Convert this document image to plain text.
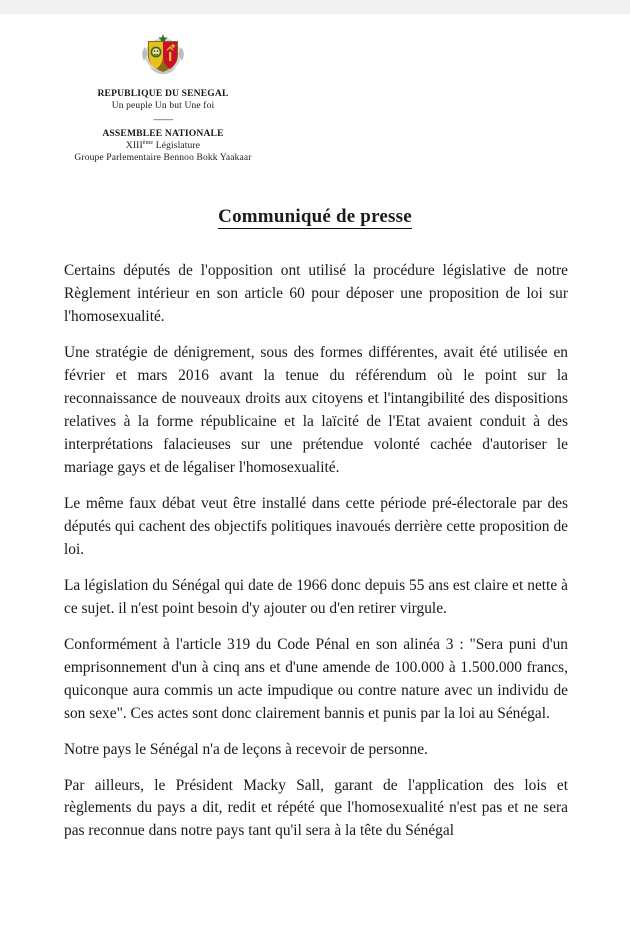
REPUBLIQUE DU SENEGAL
Un peuple Un but Une foi
---------
ASSEMBLEE NATIONALE
XIIIème Législature
Groupe Parlementaire Bennoo Bokk Yaakaar
Communiqué de presse

Certains députés de l'opposition ont utilisé la procédure législative de notre Règlement intérieur en son article 60 pour déposer une proposition de loi sur l'homosexualité.

Une stratégie de dénigrement, sous des formes différentes, avait été utilisée en février et mars 2016 avant la tenue du référendum où le point sur la reconnaissance de nouveaux droits aux citoyens et l'intangibilité des dispositions relatives à la forme républicaine et la laïcité de l'Etat avaient conduit à des interprétations falacieuses sur une prétendue volonté cachée d'autoriser le mariage gays et de légaliser l'homosexualité.

Le même faux débat veut être installé dans cette période pré-électorale par des députés qui cachent des objectifs politiques inavoués derrière cette proposition de loi.

La législation du Sénégal qui date de 1966 donc depuis 55 ans est claire et nette à ce sujet. il n'est point besoin d'y ajouter ou d'en retirer virgule.

Conformément à l'article 319 du Code Pénal en son alinéa 3 : "Sera puni d'un emprisonnement d'un à cinq ans et d'une amende de 100.000 à 1.500.000 francs, quiconque aura commis un acte impudique ou contre nature avec un individu de son sexe". Ces actes sont donc clairement bannis et punis par la loi au Sénégal.

Notre pays le Sénégal n'a de leçons à recevoir de personne.

Par ailleurs, le Président Macky Sall, garant de l'application des lois et règlements du pays a dit, redit et répété que l'homosexualité n'est pas et ne sera pas reconnue dans notre pays tant qu'il sera à la tête du Sénégal
